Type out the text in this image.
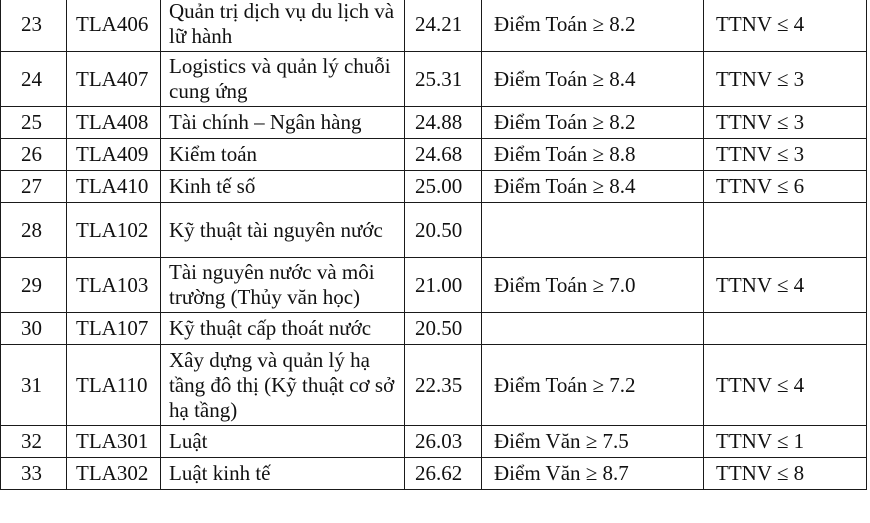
23	TLA406	Quản trị dịch vụ du lịch và lữ hành	24.21	Điểm Toán ≥ 8.2	TTNV ≤ 4
24	TLA407	Logistics và quản lý chuỗi cung ứng	25.31	Điểm Toán ≥ 8.4	TTNV ≤ 3
25	TLA408	Tài chính – Ngân hàng	24.88	Điểm Toán ≥ 8.2	TTNV ≤ 3
26	TLA409	Kiểm toán	24.68	Điểm Toán ≥ 8.8	TTNV ≤ 3
27	TLA410	Kinh tế số	25.00	Điểm Toán ≥ 8.4	TTNV ≤ 6
28	TLA102	Kỹ thuật tài nguyên nước	20.50		
29	TLA103	Tài nguyên nước và môi trường (Thủy văn học)	21.00	Điểm Toán ≥ 7.0	TTNV ≤ 4
30	TLA107	Kỹ thuật cấp thoát nước	20.50		
31	TLA110	Xây dựng và quản lý hạ tầng đô thị (Kỹ thuật cơ sở hạ tầng)	22.35	Điểm Toán ≥ 7.2	TTNV ≤ 4
32	TLA301	Luật	26.03	Điểm Văn ≥ 7.5	TTNV ≤ 1
33	TLA302	Luật kinh tế	26.62	Điểm Văn ≥ 8.7	TTNV ≤ 8
